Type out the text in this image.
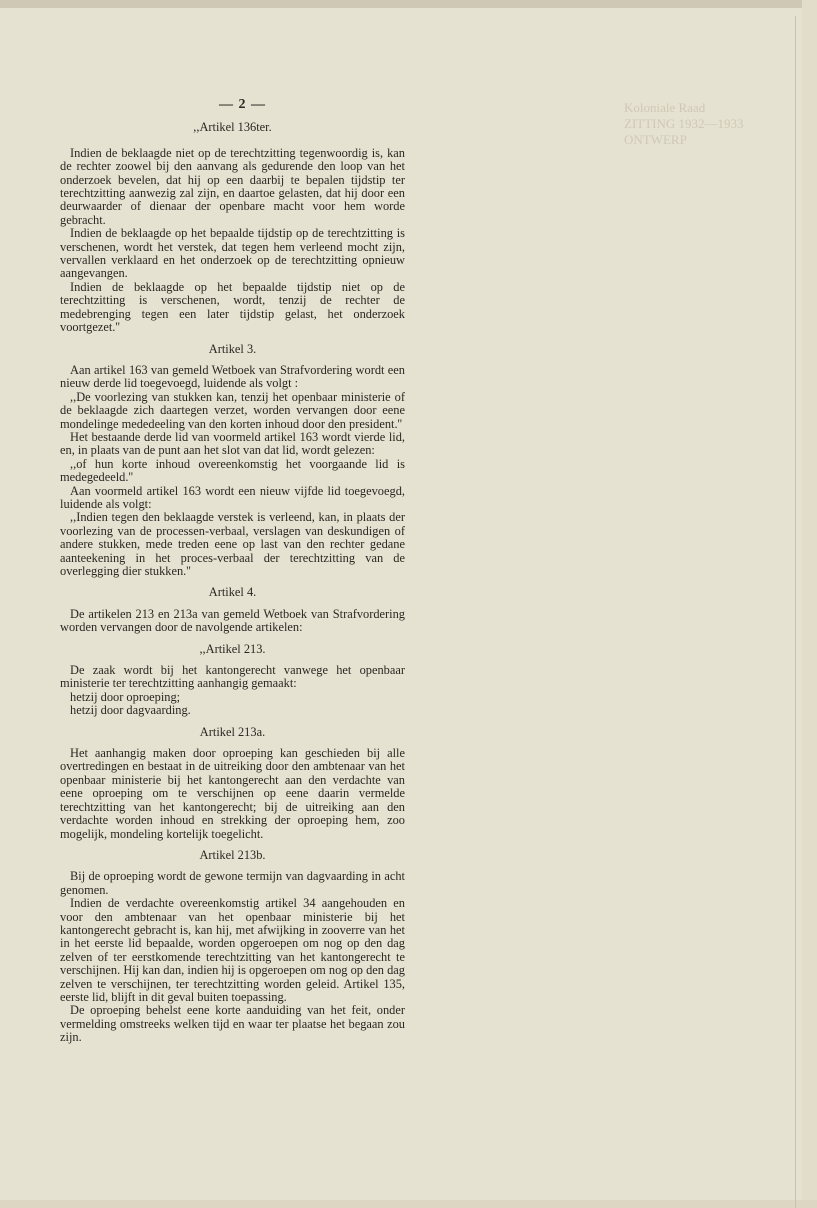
Koloniale Raad
ZITTING 1932—1933
ONTWERP
— 2 —
,,Artikel 136ter.

Indien de beklaagde niet op de terechtzitting tegenwoordig is, kan de rechter zoowel bij den aanvang als gedurende den loop van het onderzoek bevelen, dat hij op een daarbij te bepalen tijdstip ter terechtzitting aanwezig zal zijn, en daartoe gelasten, dat hij door een deurwaarder of dienaar der openbare macht voor hem worde gebracht.

Indien de beklaagde op het bepaalde tijdstip op de terechtzitting is verschenen, wordt het verstek, dat tegen hem verleend mocht zijn, vervallen verklaard en het onderzoek op de terechtzitting opnieuw aangevangen.

Indien de beklaagde op het bepaalde tijdstip niet op de terechtzitting is verschenen, wordt, tenzij de rechter de medebrenging tegen een later tijdstip gelast, het onderzoek voortgezet.''

Artikel 3.

Aan artikel 163 van gemeld Wetboek van Strafvordering wordt een nieuw derde lid toegevoegd, luidende als volgt :

,,De voorlezing van stukken kan, tenzij het openbaar ministerie of de beklaagde zich daartegen verzet, worden vervangen door eene mondelinge mededeeling van den korten inhoud door den president.''

Het bestaande derde lid van voormeld artikel 163 wordt vierde lid, en, in plaats van de punt aan het slot van dat lid, wordt gelezen:

,,of hun korte inhoud overeenkomstig het voorgaande lid is medegedeeld.''

Aan voormeld artikel 163 wordt een nieuw vijfde lid toegevoegd, luidende als volgt:

,,Indien tegen den beklaagde verstek is verleend, kan, in plaats der voorlezing van de processen-verbaal, verslagen van deskundigen of andere stukken, mede treden eene op last van den rechter gedane aanteekening in het proces-verbaal der terechtzitting van de overlegging dier stukken.''

Artikel 4.

De artikelen 213 en 213a van gemeld Wetboek van Strafvordering worden vervangen door de navolgende artikelen:

,,Artikel 213.

De zaak wordt bij het kantongerecht vanwege het openbaar ministerie ter terechtzitting aanhangig gemaakt:

hetzij door oproeping;

hetzij door dagvaarding.

Artikel 213a.

Het aanhangig maken door oproeping kan geschieden bij alle overtredingen en bestaat in de uitreiking door den ambtenaar van het openbaar ministerie bij het kantongerecht aan den verdachte van eene oproeping om te verschijnen op eene daarin vermelde terechtzitting van het kantongerecht; bij de uitreiking aan den verdachte worden inhoud en strekking der oproeping hem, zoo mogelijk, mondeling kortelijk toegelicht.

Artikel 213b.

Bij de oproeping wordt de gewone termijn van dagvaarding in acht genomen.

Indien de verdachte overeenkomstig artikel 34 aangehouden en voor den ambtenaar van het openbaar ministerie bij het kantongerecht gebracht is, kan hij, met afwijking in zooverre van het in het eerste lid bepaalde, worden opgeroepen om nog op den dag zelven of ter eerstkomende terechtzitting van het kantongerecht te verschijnen. Hij kan dan, indien hij is opgeroepen om nog op den dag zelven te verschijnen, ter terechtzitting worden geleid. Artikel 135, eerste lid, blijft in dit geval buiten toepassing.

De oproeping behelst eene korte aanduiding van het feit, onder vermelding omstreeks welken tijd en waar ter plaatse het begaan zou zijn.
